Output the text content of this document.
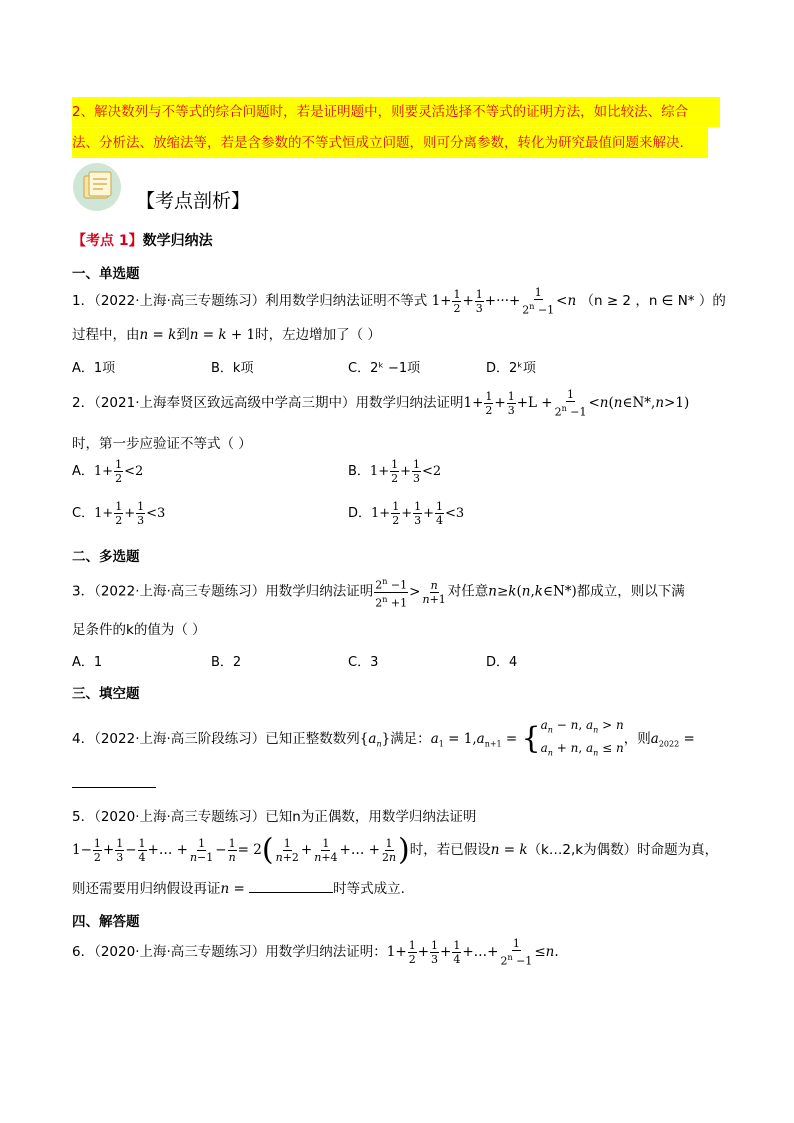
2、解决数列与不等式的综合问题时，若是证明题中，则要灵活选择不等式的证明方法，如比较法、综合
法、分析法、放缩法等，若是含参数的不等式恒成立问题，则可分离参数，转化为研究最值问题来解决.
【考点剖析】
【考点 1】数学归纳法
一、单选题
1．（2022·上海·高三专题练习）利用数学归纳法证明不等式 $1+ \frac{1}{2} + \frac{1}{3}$ +···+ $\frac{1}{2^n -1} <n$ （n ≥ 2 ，n ∈ N* ）的
过程中，由n = k到n = k + 1时，左边增加了（ ）
A．1项	B．k项	C．2ᵏ −1项	D．2ᵏ项
2．（2021·上海奉贤区致远高级中学高三期中）用数学归纳法证明$1+ \frac{1}{2} + \frac{1}{3} +L + \frac{1}{2^n -1}$ <n(n∈N*,n>1)
时，第一步应验证不等式（ ）
A．$1+ \frac{1}{2} <2$	B．$1+ \frac{1}{2} + \frac{1}{3} <2$
C．$1+ \frac{1}{2} + \frac{1}{3} <3$	D．$1+ \frac{1}{2} + \frac{1}{3} + \frac{1}{4} <3$
二、多选题
3．（2022·上海·高三专题练习）用数学归纳法证明 $\frac{2^n -1}{2^n +1} > \frac{n}{n+1}$ 对任意n≥k(n,k∈N*)都成立，则以下满
足条件的k的值为（ ）
A．1	B．2	C．3	D．4
三、填空题
4．（2022·上海·高三阶段练习）已知正整数数列$\{a_n\}$满足：$a_1 = 1,a_{n+1}$ = { $a_n - n$, $a_n > n$
$a_n + n$, $a_n \le n$
，则$a_{2022}$ =
5．（2020·上海·高三专题练习）已知n为正偶数，用数学归纳法证明
$1- \frac{1}{2} + \frac{1}{3} - \frac{1}{4}$ +… + $\frac{1}{n-1} - \frac{1}{n} = 2( \frac{1}{n+2} + \frac{1}{n+4}$ +… + $\frac{1}{2n}$ )时，若已假设n = k（k…2,k为偶数）时命题为真，
则还需要用归纳假设再证n =	时等式成立.
四、解答题
6．（2020·上海·高三专题练习）用数学归纳法证明：$1+ \frac{1}{2} + \frac{1}{3} + \frac{1}{4}$ +…+ $\frac{1}{2^n -1} \le n$.
